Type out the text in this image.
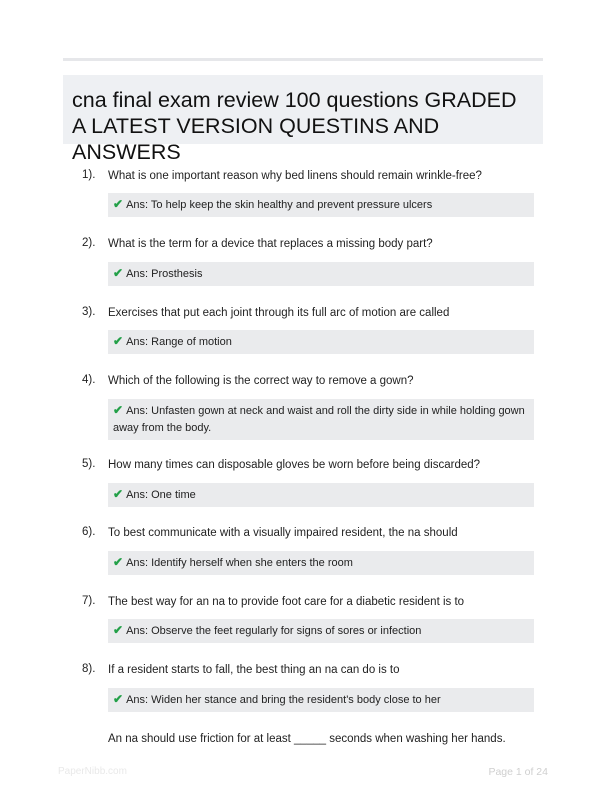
cna final exam review 100 questions GRADED A LATEST VERSION QUESTINS AND ANSWERS
1). What is one important reason why bed linens should remain wrinkle-free?
✔ Ans: To help keep the skin healthy and prevent pressure ulcers
2). What is the term for a device that replaces a missing body part?
✔ Ans: Prosthesis
3). Exercises that put each joint through its full arc of motion are called
✔ Ans: Range of motion
4). Which of the following is the correct way to remove a gown?
✔ Ans: Unfasten gown at neck and waist and roll the dirty side in while holding gown away from the body.
5). How many times can disposable gloves be worn before being discarded?
✔ Ans: One time
6). To best communicate with a visually impaired resident, the na should
✔ Ans: Identify herself when she enters the room
7). The best way for an na to provide foot care for a diabetic resident is to
✔ Ans: Observe the feet regularly for signs of sores or infection
8). If a resident starts to fall, the best thing an na can do is to
✔ Ans: Widen her stance and bring the resident's body close to her
An na should use friction for at least _____ seconds when washing her hands.
PaperNibb.com	Page 1 of 24
